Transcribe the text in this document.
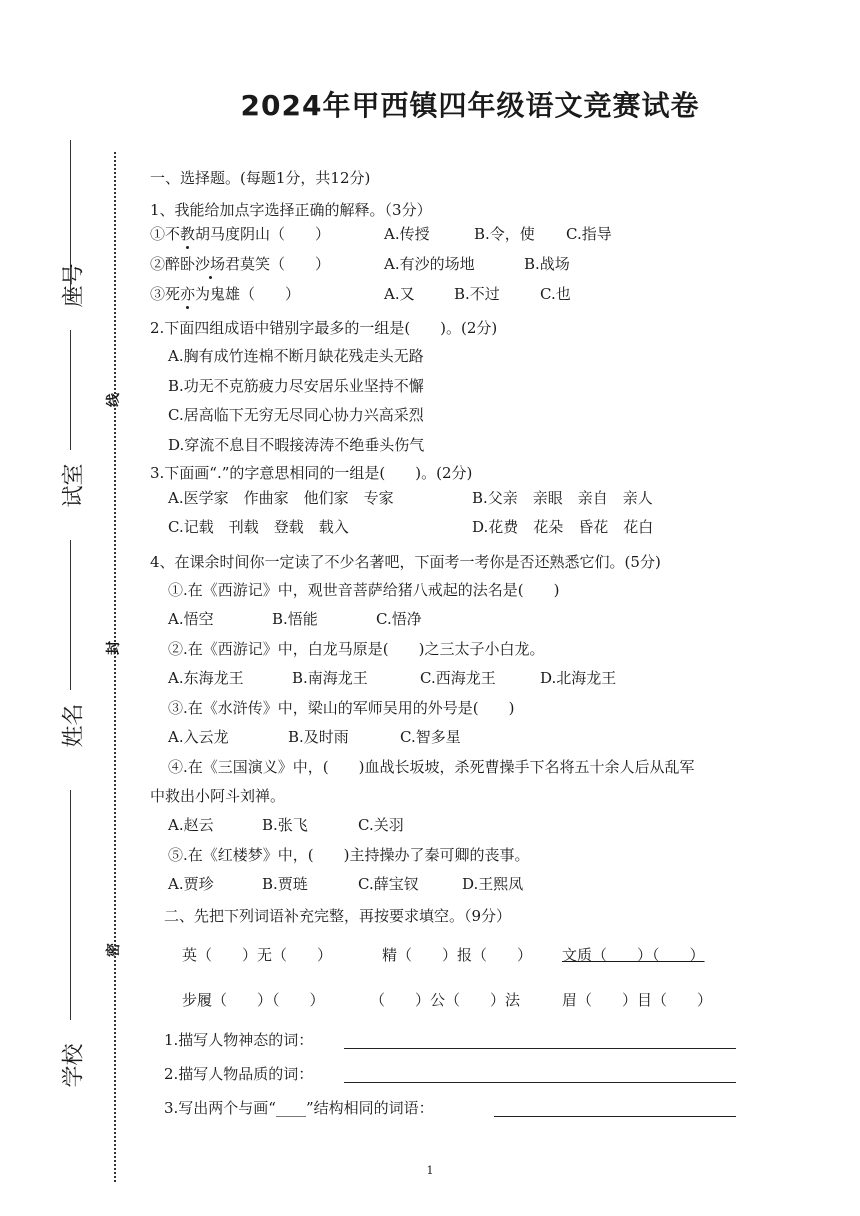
2024年甲西镇四年级语文竞赛试卷
座号
试室
姓名
学校
线
封
密
一、选择题。(每题1分，共12分)
1、我能给加点字选择正确的解释。（3分）
①不教胡马度阴山（　　）	A.传授	B.令，使 C.指导
②醉卧沙场君莫笑（　　）	A.有沙的场地	B.战场
③死亦为鬼雄（　　）	A.又	B.不过	C.也
2.下面四组成语中错别字最多的一组是(　　)。(2分)
A.胸有成竹连棉不断月缺花残走头无路
B.功无不克筋疲力尽安居乐业坚持不懈
C.居高临下无穷无尽同心协力兴高采烈
D.穿流不息目不暇接涛涛不绝垂头伤气
3.下面画“.”的字意思相同的一组是(　　)。(2分)
A.医学家　作曲家　他们家　专家	B.父亲　亲眼　亲自　亲人
C.记载　刊载　登载　载入	D.花费　花朵　昏花　花白
4、在课余时间你一定读了不少名著吧，下面考一考你是否还熟悉它们。(5分)
①.在《西游记》中，观世音菩萨给猪八戒起的法名是(　　)
A.悟空	B.悟能	C.悟净
②.在《西游记》中，白龙马原是(　　)之三太子小白龙。
A.东海龙王	B.南海龙王	C.西海龙王	D.北海龙王
③.在《水浒传》中，梁山的军师吴用的外号是(　　)
A.入云龙	B.及时雨	C.智多星
④.在《三国演义》中，(　　)血战长坂坡，杀死曹操手下名将五十余人后从乱军
中救出小阿斗刘禅。
A.赵云	B.张飞	C.关羽
⑤.在《红楼梦》中，(　　)主持操办了秦可卿的丧事。
A.贾珍	B.贾琏	C.薛宝钗	D.王熙凤
二、先把下列词语补充完整，再按要求填空。（9分）
英（　　）无（　　）	精（　　）报（　　） 文质（　　）（　　）
步履（　　）（　　）	（　　）公（　　）法	眉（　　）目（　　）
1.描写人物神态的词：
2.描写人物品质的词：
3.写出两个与画“____”结构相同的词语：
1
